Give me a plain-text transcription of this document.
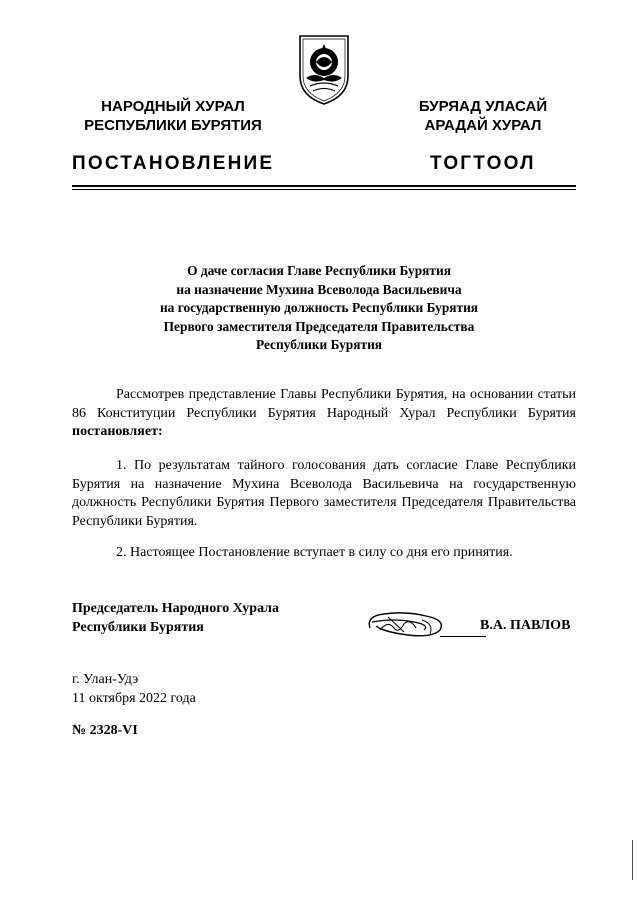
НАРОДНЫЙ ХУРАЛ
РЕСПУБЛИКИ БУРЯТИЯ
БУРЯАД УЛАСАЙ
АРАДАЙ ХУРАЛ
ПОСТАНОВЛЕНИЕ	ТОГТООЛ
О даче согласия Главе Республики Бурятия
на назначение Мухина Всеволода Васильевича
на государственную должность Республики Бурятия
Первого заместителя Председателя Правительства
Республики Бурятия
Рассмотрев представление Главы Республики Бурятия, на основании статьи 86 Конституции Республики Бурятия Народный Хурал Республики Бурятия постановляет:
1. По результатам тайного голосования дать согласие Главе Республики Бурятия на назначение Мухина Всеволода Васильевича на государственную должность Республики Бурятия Первого заместителя Председателя Правительства Республики Бурятия.
2. Настоящее Постановление вступает в силу со дня его принятия.
Председатель Народного Хурала
Республики Бурятия	В.А. ПАВЛОВ
г. Улан-Удэ
11 октября 2022 года
№ 2328-VI
